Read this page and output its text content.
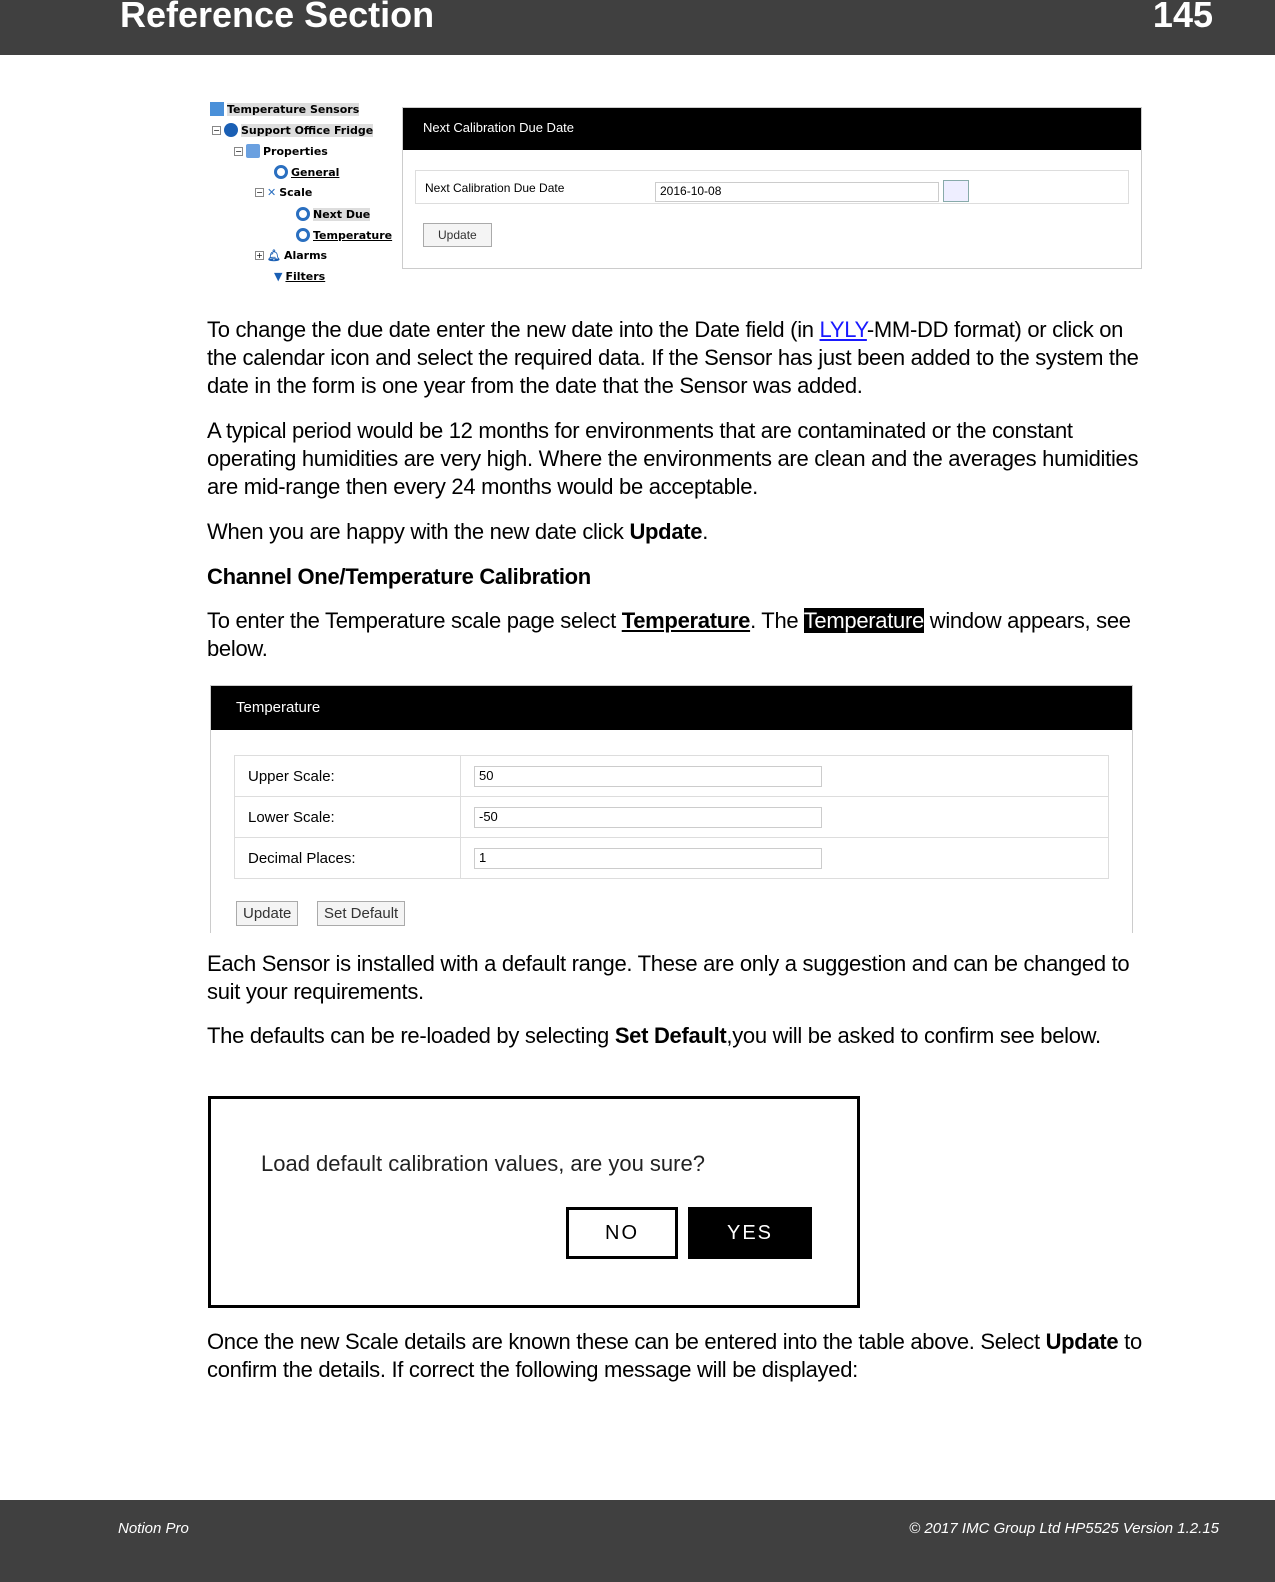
Reference Section	145
Temperature Sensors
− Support Office Fridge
− Properties
General
− ✕ Scale
Next Due
Temperature
+ 🔔︎ Alarms
▼ Filters
Next Calibration Due Date
Next Calibration Due Date	2016-10-08
Update

To change the due date enter the new date into the Date field (in LYLY-MM-DD format) or click on the calendar icon and select the required data. If the Sensor has just been added to the system the date in the form is one year from the date that the Sensor was added.

A typical period would be 12 months for environments that are contaminated or the constant operating humidities are very high. Where the environments are clean and the averages humidities are mid-range then every 24 months would be acceptable.

When you are happy with the new date click Update.

Channel One/Temperature Calibration

To enter the Temperature scale page select Temperature. The Temperature window appears, see below.

Temperature
Upper Scale:	50
Lower Scale:	-50
Decimal Places:	1
Update	Set Default

Each Sensor is installed with a default range. These are only a suggestion and can be changed to suit your requirements.

The defaults can be re-loaded by selecting Set Default,you will be asked to confirm see below.

Load default calibration values, are you sure?
NO	YES

Once the new Scale details are known these can be entered into the table above. Select Update to confirm the details. If correct the following message will be displayed:

Notion Pro	© 2017 IMC Group Ltd HP5525 Version 1.2.15
